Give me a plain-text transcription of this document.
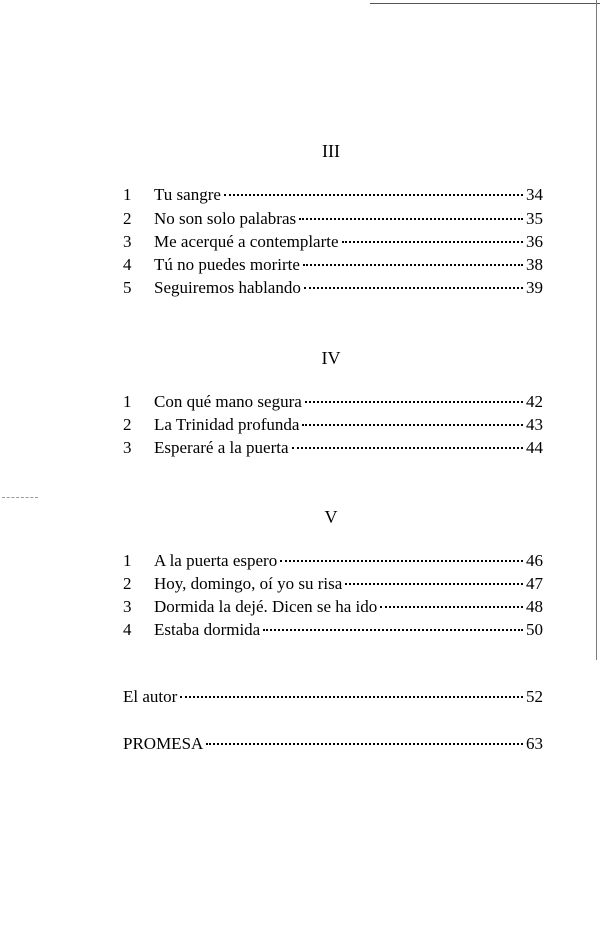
III
1	Tu sangre	34
2	No son solo palabras	35
3	Me acerqué a contemplarte	36
4	Tú no puedes morirte	38
5	Seguiremos hablando	39
IV
1	Con qué mano segura	42
2	La Trinidad profunda	43
3	Esperaré a la puerta	44
V
1	A la puerta espero	46
2	Hoy, domingo, oí yo su risa	47
3	Dormida la dejé. Dicen se ha ido	48
4	Estaba dormida	50
El autor	52
PROMESA	63
